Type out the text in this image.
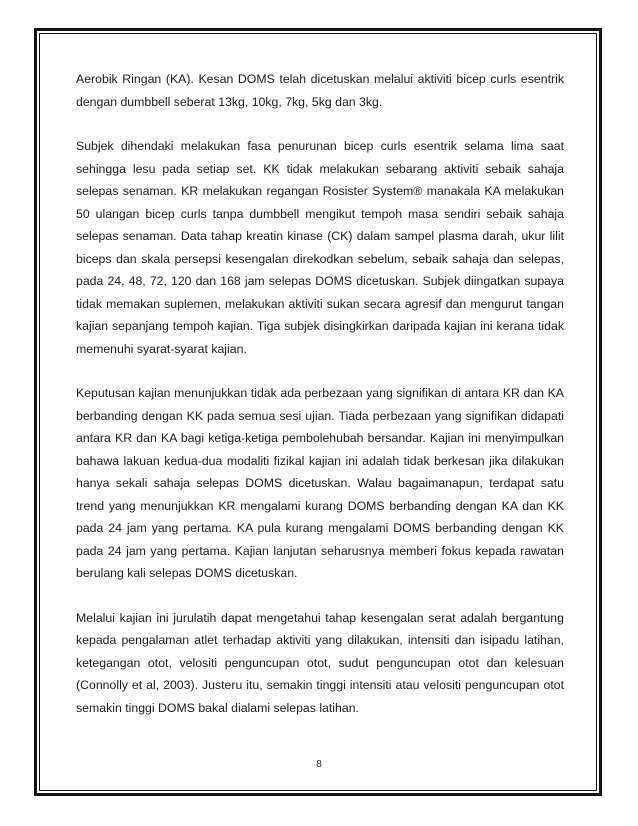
Aerobik Ringan (KA). Kesan DOMS telah dicetuskan melalui aktiviti bicep curls esentrik dengan dumbbell seberat 13kg, 10kg, 7kg, 5kg dan 3kg.

Subjek dihendaki melakukan fasa penurunan bicep curls esentrik selama lima saat sehingga lesu pada setiap set. KK tidak melakukan sebarang aktiviti sebaik sahaja selepas senaman. KR melakukan regangan Rosister System® manakala KA melakukan 50 ulangan bicep curls tanpa dumbbell mengikut tempoh masa sendiri sebaik sahaja selepas senaman. Data tahap kreatin kinase (CK) dalam sampel plasma darah, ukur lilit biceps dan skala persepsi kesengalan direkodkan sebelum, sebaik sahaja dan selepas, pada 24, 48, 72, 120 dan 168 jam selepas DOMS dicetuskan. Subjek diingatkan supaya tidak memakan suplemen, melakukan aktiviti sukan secara agresif dan mengurut tangan kajian sepanjang tempoh kajian. Tiga subjek disingkirkan daripada kajian ini kerana tidak memenuhi syarat-syarat kajian.

Keputusan kajian menunjukkan tidak ada perbezaan yang signifikan di antara KR dan KA berbanding dengan KK pada semua sesi ujian. Tiada perbezaan yang signifikan didapati antara KR dan KA bagi ketiga-ketiga pembolehubah bersandar. Kajian ini menyimpulkan bahawa lakuan kedua-dua modaliti fizikal kajian ini adalah tidak berkesan jika dilakukan hanya sekali sahaja selepas DOMS dicetuskan. Walau bagaimanapun, terdapat satu trend yang menunjukkan KR mengalami kurang DOMS berbanding dengan KA dan KK pada 24 jam yang pertama. KA pula kurang mengalami DOMS berbanding dengan KK pada 24 jam yang pertama. Kajian lanjutan seharusnya memberi fokus kepada rawatan berulang kali selepas DOMS dicetuskan.

Melalui kajian ini jurulatih dapat mengetahui tahap kesengalan serat adalah bergantung kepada pengalaman atlet terhadap aktiviti yang dilakukan, intensiti dan isipadu latihan, ketegangan otot, velositi penguncupan otot, sudut penguncupan otot dan kelesuan (Connolly et al, 2003). Justeru itu, semakin tinggi intensiti atau velositi penguncupan otot semakin tinggi DOMS bakal dialami selepas latihan.

8
